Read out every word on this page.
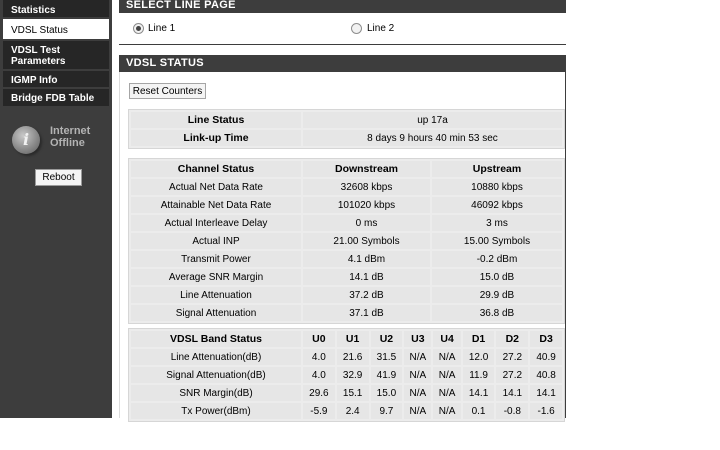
Statistics
VDSL Status
VDSL Test Parameters
IGMP Info
Bridge FDB Table
i	Internet
Offline
Reboot
SELECT LINE PAGE
Line 1	Line 2
VDSL STATUS
Reset Counters
Line Status	up 17a
Link-up Time	8 days 9 hours 40 min 53 sec
Channel Status	Downstream	Upstream
Actual Net Data Rate	32608 kbps	10880 kbps
Attainable Net Data Rate	101020 kbps	46092 kbps
Actual Interleave Delay	0 ms	3 ms
Actual INP	21.00 Symbols	15.00 Symbols
Transmit Power	4.1 dBm	-0.2 dBm
Average SNR Margin	14.1 dB	15.0 dB
Line Attenuation	37.2 dB	29.9 dB
Signal Attenuation	37.1 dB	36.8 dB
VDSL Band Status	U0	U1	U2	U3	U4	D1	D2	D3
Line Attenuation(dB)	4.0	21.6	31.5	N/A	N/A	12.0	27.2	40.9
Signal Attenuation(dB)	4.0	32.9	41.9	N/A	N/A	11.9	27.2	40.8
SNR Margin(dB)	29.6	15.1	15.0	N/A	N/A	14.1	14.1	14.1
Tx Power(dBm)	-5.9	2.4	9.7	N/A	N/A	0.1	-0.8	-1.6
